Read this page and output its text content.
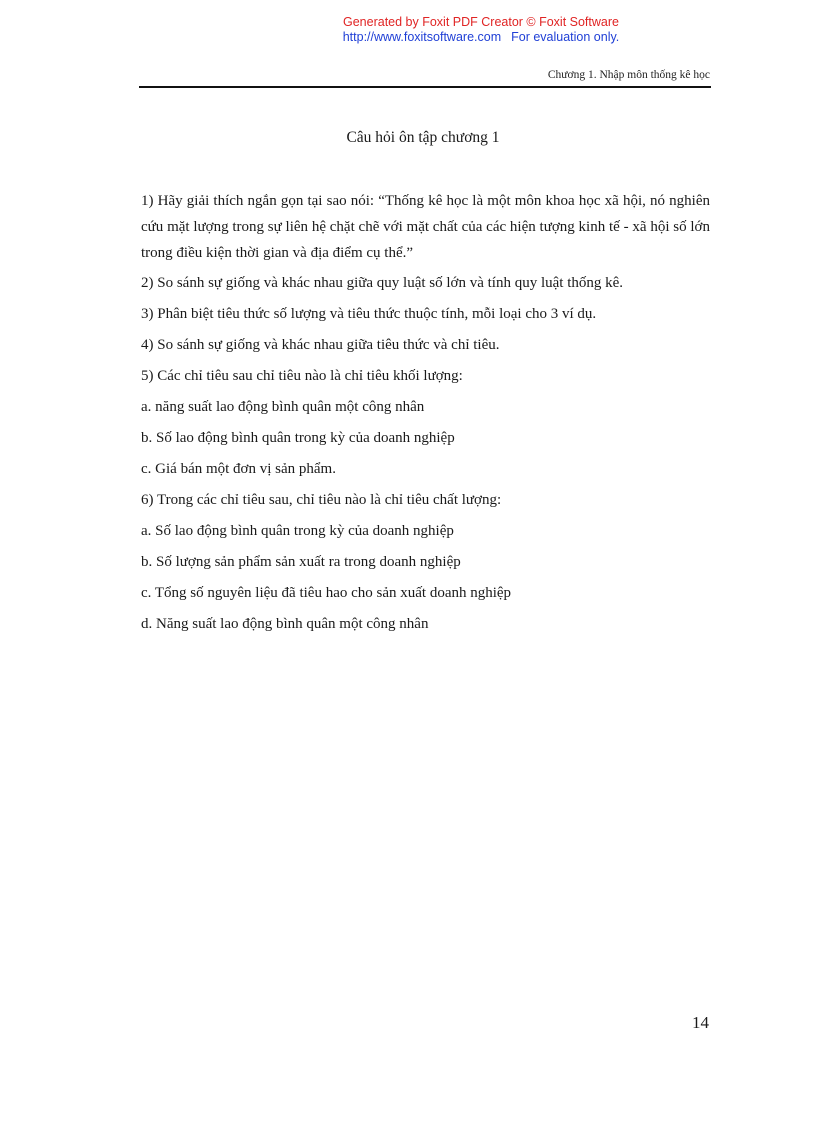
Generated by Foxit PDF Creator © Foxit Software
http://www.foxitsoftware.com For evaluation only.
Chương 1. Nhập môn thống kê học
Câu hỏi ôn tập chương 1

1) Hãy giải thích ngắn gọn tại sao nói: “Thống kê học là một môn khoa học xã hội, nó nghiên cứu mặt lượng trong sự liên hệ chặt chẽ với mặt chất của các hiện tượng kinh tế - xã hội số lớn trong điều kiện thời gian và địa điểm cụ thể.”

2) So sánh sự giống và khác nhau giữa quy luật số lớn và tính quy luật thống kê.
3) Phân biệt tiêu thức số lượng và tiêu thức thuộc tính, mỗi loại cho 3 ví dụ.
4) So sánh sự giống và khác nhau giữa tiêu thức và chỉ tiêu.
5) Các chỉ tiêu sau chỉ tiêu nào là chỉ tiêu khối lượng:
a. năng suất lao động bình quân một công nhân
b. Số lao động bình quân trong kỳ của doanh nghiệp
c. Giá bán một đơn vị sản phẩm.
6) Trong các chỉ tiêu sau, chỉ tiêu nào là chỉ tiêu chất lượng:
a. Số lao động bình quân trong kỳ của doanh nghiệp
b. Số lượng sản phẩm sản xuất ra trong doanh nghiệp
c. Tổng số nguyên liệu đã tiêu hao cho sản xuất doanh nghiệp
d. Năng suất lao động bình quân một công nhân
14
